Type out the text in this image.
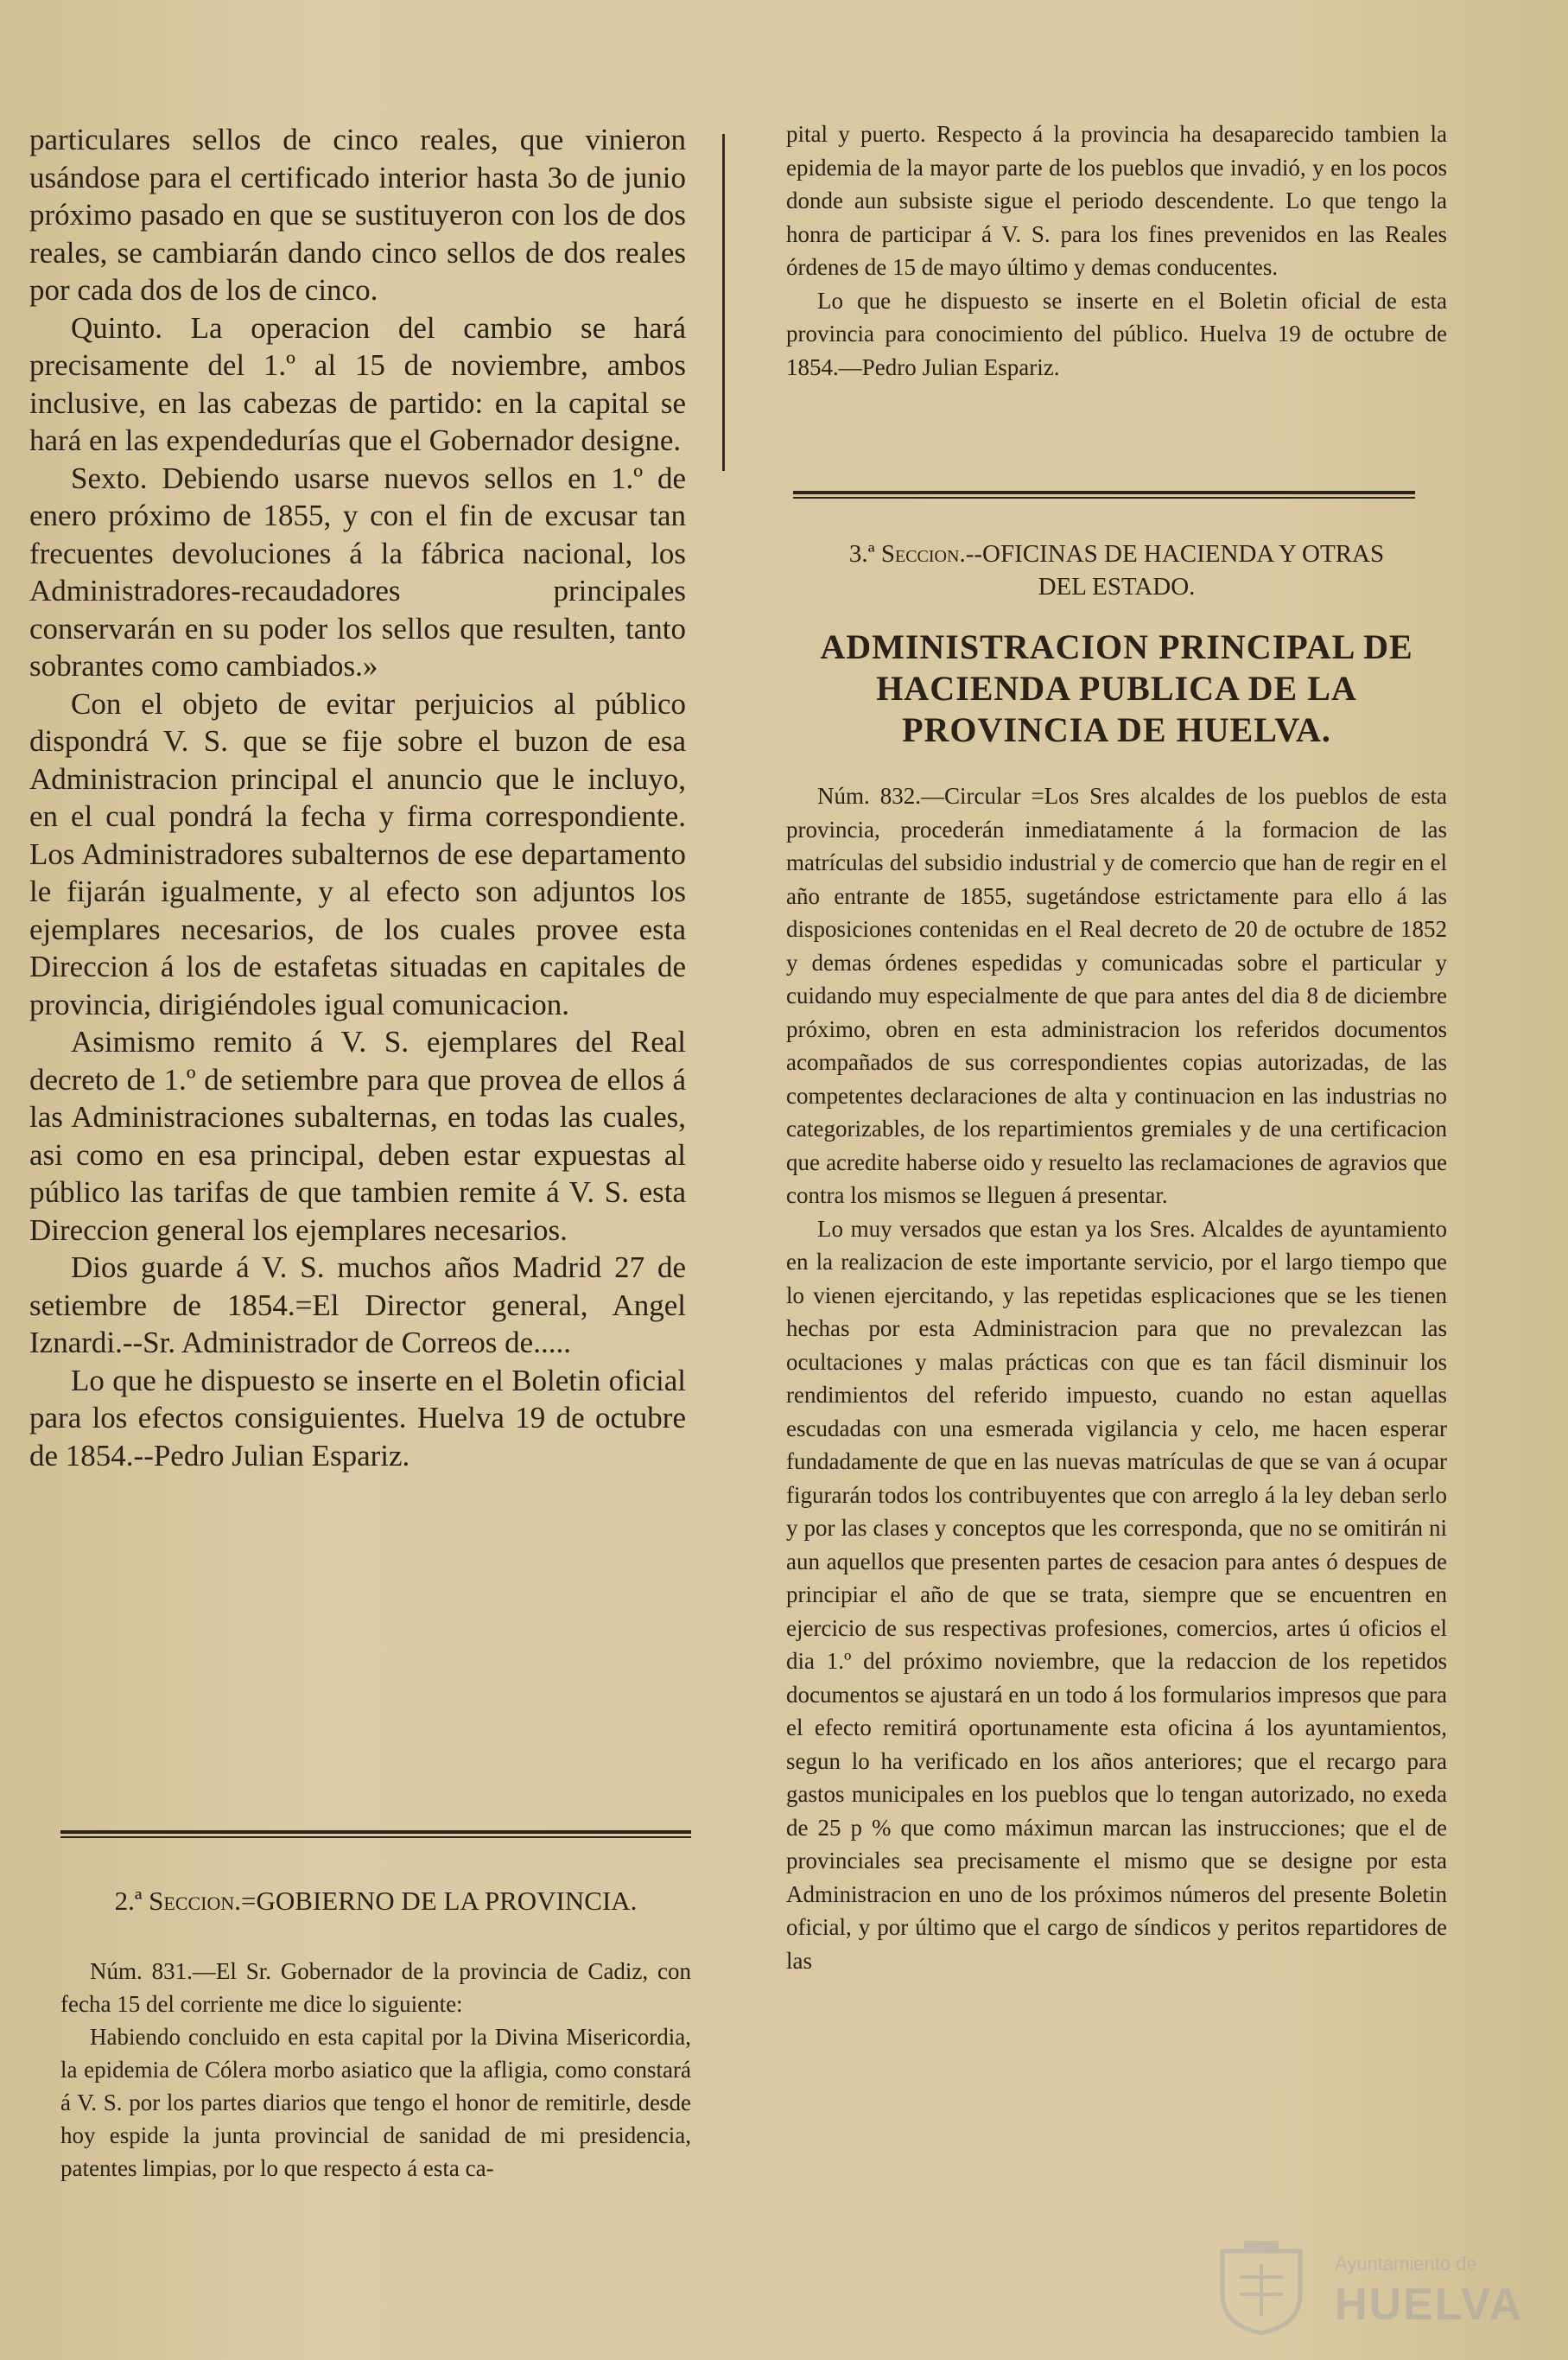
particulares sellos de cinco reales, que vinieron usándose para el certificado interior hasta 3o de junio próximo pasado en que se sustituyeron con los de dos reales, se cambiarán dando cinco sellos de dos reales por cada dos de los de cinco.

Quinto. La operacion del cambio se hará precisamente del 1.º al 15 de noviembre, ambos inclusive, en las cabezas de partido: en la capital se hará en las expendedurías que el Gobernador designe.

Sexto. Debiendo usarse nuevos sellos en 1.º de enero próximo de 1855, y con el fin de excusar tan frecuentes devoluciones á la fábrica nacional, los Administradores-recaudadores principales conservarán en su poder los sellos que resulten, tanto sobrantes como cambiados.»

Con el objeto de evitar perjuicios al público dispondrá V. S. que se fije sobre el buzon de esa Administracion principal el anuncio que le incluyo, en el cual pondrá la fecha y firma correspondiente. Los Administradores subalternos de ese departamento le fijarán igualmente, y al efecto son adjuntos los ejemplares necesarios, de los cuales provee esta Direccion á los de estafetas situadas en capitales de provincia, dirigiéndoles igual comunicacion.

Asimismo remito á V. S. ejemplares del Real decreto de 1.º de setiembre para que provea de ellos á las Administraciones subalternas, en todas las cuales, asi como en esa principal, deben estar expuestas al público las tarifas de que tambien remite á V. S. esta Direccion general los ejemplares necesarios.

Dios guarde á V. S. muchos años Madrid 27 de setiembre de 1854.=El Director general, Angel Iznardi.--Sr. Administrador de Correos de.....

Lo que he dispuesto se inserte en el Boletin oficial para los efectos consiguientes. Huelva 19 de octubre de 1854.--Pedro Julian Espariz.

2.ª Seccion.=GOBIERNO DE LA PROVINCIA.

Núm. 831.—El Sr. Gobernador de la provincia de Cadiz, con fecha 15 del corriente me dice lo siguiente:

Habiendo concluido en esta capital por la Divina Misericordia, la epidemia de Cólera morbo asiatico que la afligia, como constará á V. S. por los partes diarios que tengo el honor de remitirle, desde hoy espide la junta provincial de sanidad de mi presidencia, patentes limpias, por lo que respecto á esta ca-

pital y puerto. Respecto á la provincia ha desaparecido tambien la epidemia de la mayor parte de los pueblos que invadió, y en los pocos donde aun subsiste sigue el periodo descendente. Lo que tengo la honra de participar á V. S. para los fines prevenidos en las Reales órdenes de 15 de mayo último y demas conducentes.

Lo que he dispuesto se inserte en el Boletin oficial de esta provincia para conocimiento del público. Huelva 19 de octubre de 1854.—Pedro Julian Espariz.

3.ª Seccion.--OFICINAS DE HACIENDA Y OTRAS
DEL ESTADO.
ADMINISTRACION PRINCIPAL DE HACIENDA PUBLICA DE LA PROVINCIA DE HUELVA.

Núm. 832.—Circular =Los Sres alcaldes de los pueblos de esta provincia, procederán inmediatamente á la formacion de las matrículas del subsidio industrial y de comercio que han de regir en el año entrante de 1855, sugetándose estrictamente para ello á las disposiciones contenidas en el Real decreto de 20 de octubre de 1852 y demas órdenes espedidas y comunicadas sobre el particular y cuidando muy especialmente de que para antes del dia 8 de diciembre próximo, obren en esta administracion los referidos documentos acompañados de sus correspondientes copias autorizadas, de las competentes declaraciones de alta y continuacion en las industrias no categorizables, de los repartimientos gremiales y de una certificacion que acredite haberse oido y resuelto las reclamaciones de agravios que contra los mismos se lleguen á presentar.

Lo muy versados que estan ya los Sres. Alcaldes de ayuntamiento en la realizacion de este importante servicio, por el largo tiempo que lo vienen ejercitando, y las repetidas esplicaciones que se les tienen hechas por esta Administracion para que no prevalezcan las ocultaciones y malas prácticas con que es tan fácil disminuir los rendimientos del referido impuesto, cuando no estan aquellas escudadas con una esmerada vigilancia y celo, me hacen esperar fundadamente de que en las nuevas matrículas de que se van á ocupar figurarán todos los contribuyentes que con arreglo á la ley deban serlo y por las clases y conceptos que les corresponda, que no se omitirán ni aun aquellos que presenten partes de cesacion para antes ó despues de principiar el año de que se trata, siempre que se encuentren en ejercicio de sus respectivas profesiones, comercios, artes ú oficios el dia 1.º del próximo noviembre, que la redaccion de los repetidos documentos se ajustará en un todo á los formularios impresos que para el efecto remitirá oportunamente esta oficina á los ayuntamientos, segun lo ha verificado en los años anteriores; que el recargo para gastos municipales en los pueblos que lo tengan autorizado, no exeda de 25 p % que como máximun marcan las instrucciones; que el de provinciales sea precisamente el mismo que se designe por esta Administracion en uno de los próximos números del presente Boletin oficial, y por último que el cargo de síndicos y peritos repartidores de las

Ayuntamiento de
HUELVA
